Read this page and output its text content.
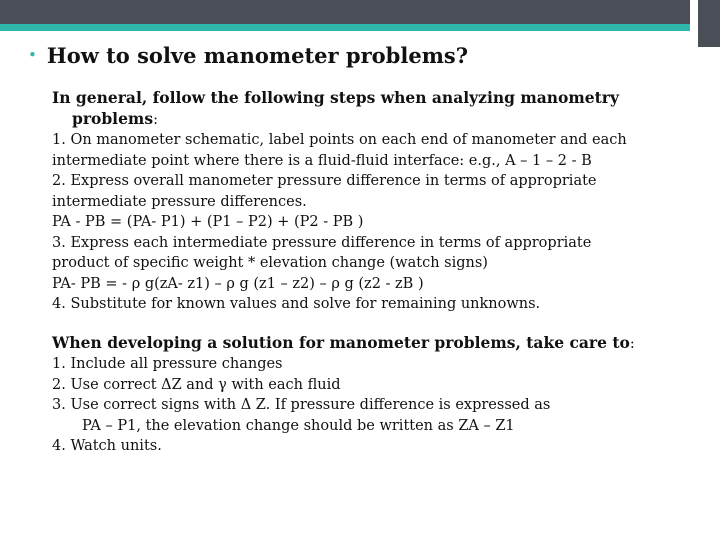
• How to solve manometer problems?
In general, follow the following steps when analyzing manometry
problems:
1. On manometer schematic, label points on each end of manometer and each
intermediate point where there is a fluid-fluid interface: e.g., A – 1 – 2 - B
2. Express overall manometer pressure difference in terms of appropriate
intermediate pressure differences.
PA - PB = (PA- P1) + (P1 – P2) + (P2 - PB )
3. Express each intermediate pressure difference in terms of appropriate
product of specific weight * elevation change (watch signs)
PA- PB = - ρ g(zA- z1) – ρ g (z1 – z2) – ρ g (z2 - zB )
4. Substitute for known values and solve for remaining unknowns.
When developing a solution for manometer problems, take care to:
1. Include all pressure changes
2. Use correct ΔZ and γ with each fluid
3. Use correct signs with Δ Z. If pressure difference is expressed as
PA – P1, the elevation change should be written as ZA – Z1
4. Watch units.
